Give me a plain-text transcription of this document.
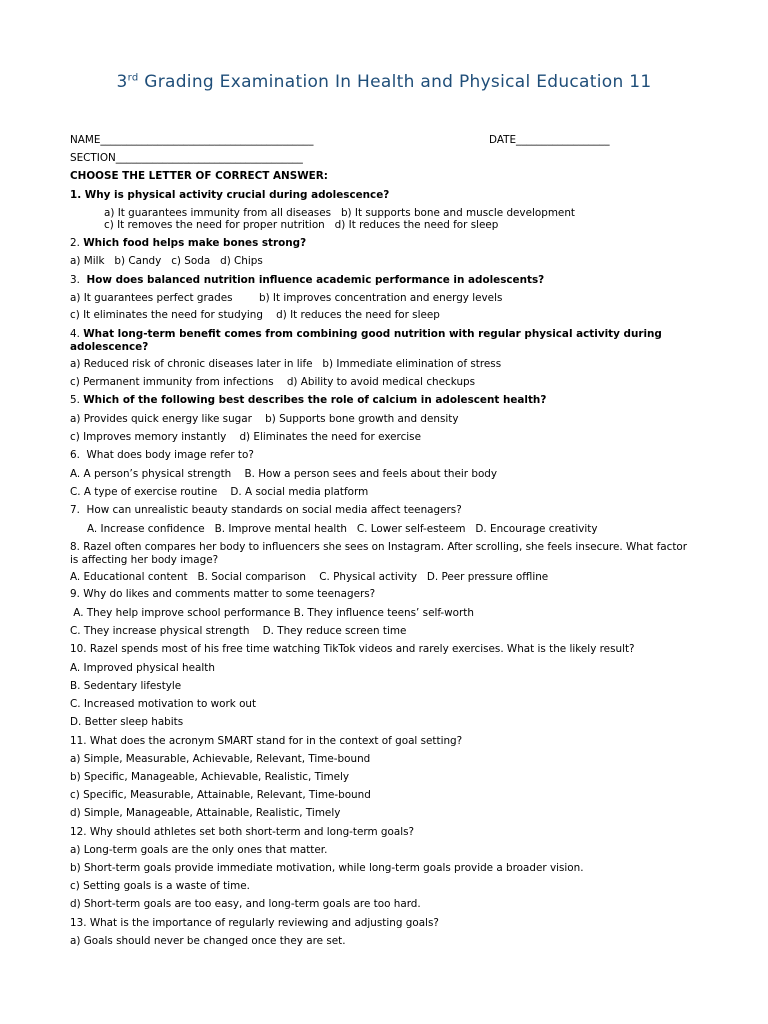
3rd Grading Examination In Health and Physical Education 11
NAME_________________________________________	DATE__________________
SECTION____________________________________
CHOOSE THE LETTER OF CORRECT ANSWER:
1. Why is physical activity crucial during adolescence?
a) It guarantees immunity from all diseases   b) It supports bone and muscle development
c) It removes the need for proper nutrition   d) It reduces the need for sleep
2. Which food helps make bones strong?
a) Milk   b) Candy   c) Soda   d) Chips
3.  How does balanced nutrition influence academic performance in adolescents?
a) It guarantees perfect grades        b) It improves concentration and energy levels
c) It eliminates the need for studying    d) It reduces the need for sleep
4. What long-term benefit comes from combining good nutrition with regular physical activity during adolescence?
a) Reduced risk of chronic diseases later in life   b) Immediate elimination of stress
c) Permanent immunity from infections    d) Ability to avoid medical checkups
5. Which of the following best describes the role of calcium in adolescent health?
a) Provides quick energy like sugar    b) Supports bone growth and density
c) Improves memory instantly    d) Eliminates the need for exercise
6.  What does body image refer to?
A. A person’s physical strength    B. How a person sees and feels about their body
C. A type of exercise routine    D. A social media platform
7.  How can unrealistic beauty standards on social media affect teenagers?
A. Increase confidence   B. Improve mental health   C. Lower self-esteem   D. Encourage creativity
8. Razel often compares her body to influencers she sees on Instagram. After scrolling, she feels insecure. What factor is affecting her body image?
A. Educational content   B. Social comparison    C. Physical activity   D. Peer pressure offline
9. Why do likes and comments matter to some teenagers?
A. They help improve school performance B. They influence teens’ self-worth
C. They increase physical strength    D. They reduce screen time
10. Razel spends most of his free time watching TikTok videos and rarely exercises. What is the likely result?
A. Improved physical health
B. Sedentary lifestyle
C. Increased motivation to work out
D. Better sleep habits
11. What does the acronym SMART stand for in the context of goal setting?
a) Simple, Measurable, Achievable, Relevant, Time-bound
b) Specific, Manageable, Achievable, Realistic, Timely
c) Specific, Measurable, Attainable, Relevant, Time-bound
d) Simple, Manageable, Attainable, Realistic, Timely
12. Why should athletes set both short-term and long-term goals?
a) Long-term goals are the only ones that matter.
b) Short-term goals provide immediate motivation, while long-term goals provide a broader vision.
c) Setting goals is a waste of time.
d) Short-term goals are too easy, and long-term goals are too hard.
13. What is the importance of regularly reviewing and adjusting goals?
a) Goals should never be changed once they are set.
